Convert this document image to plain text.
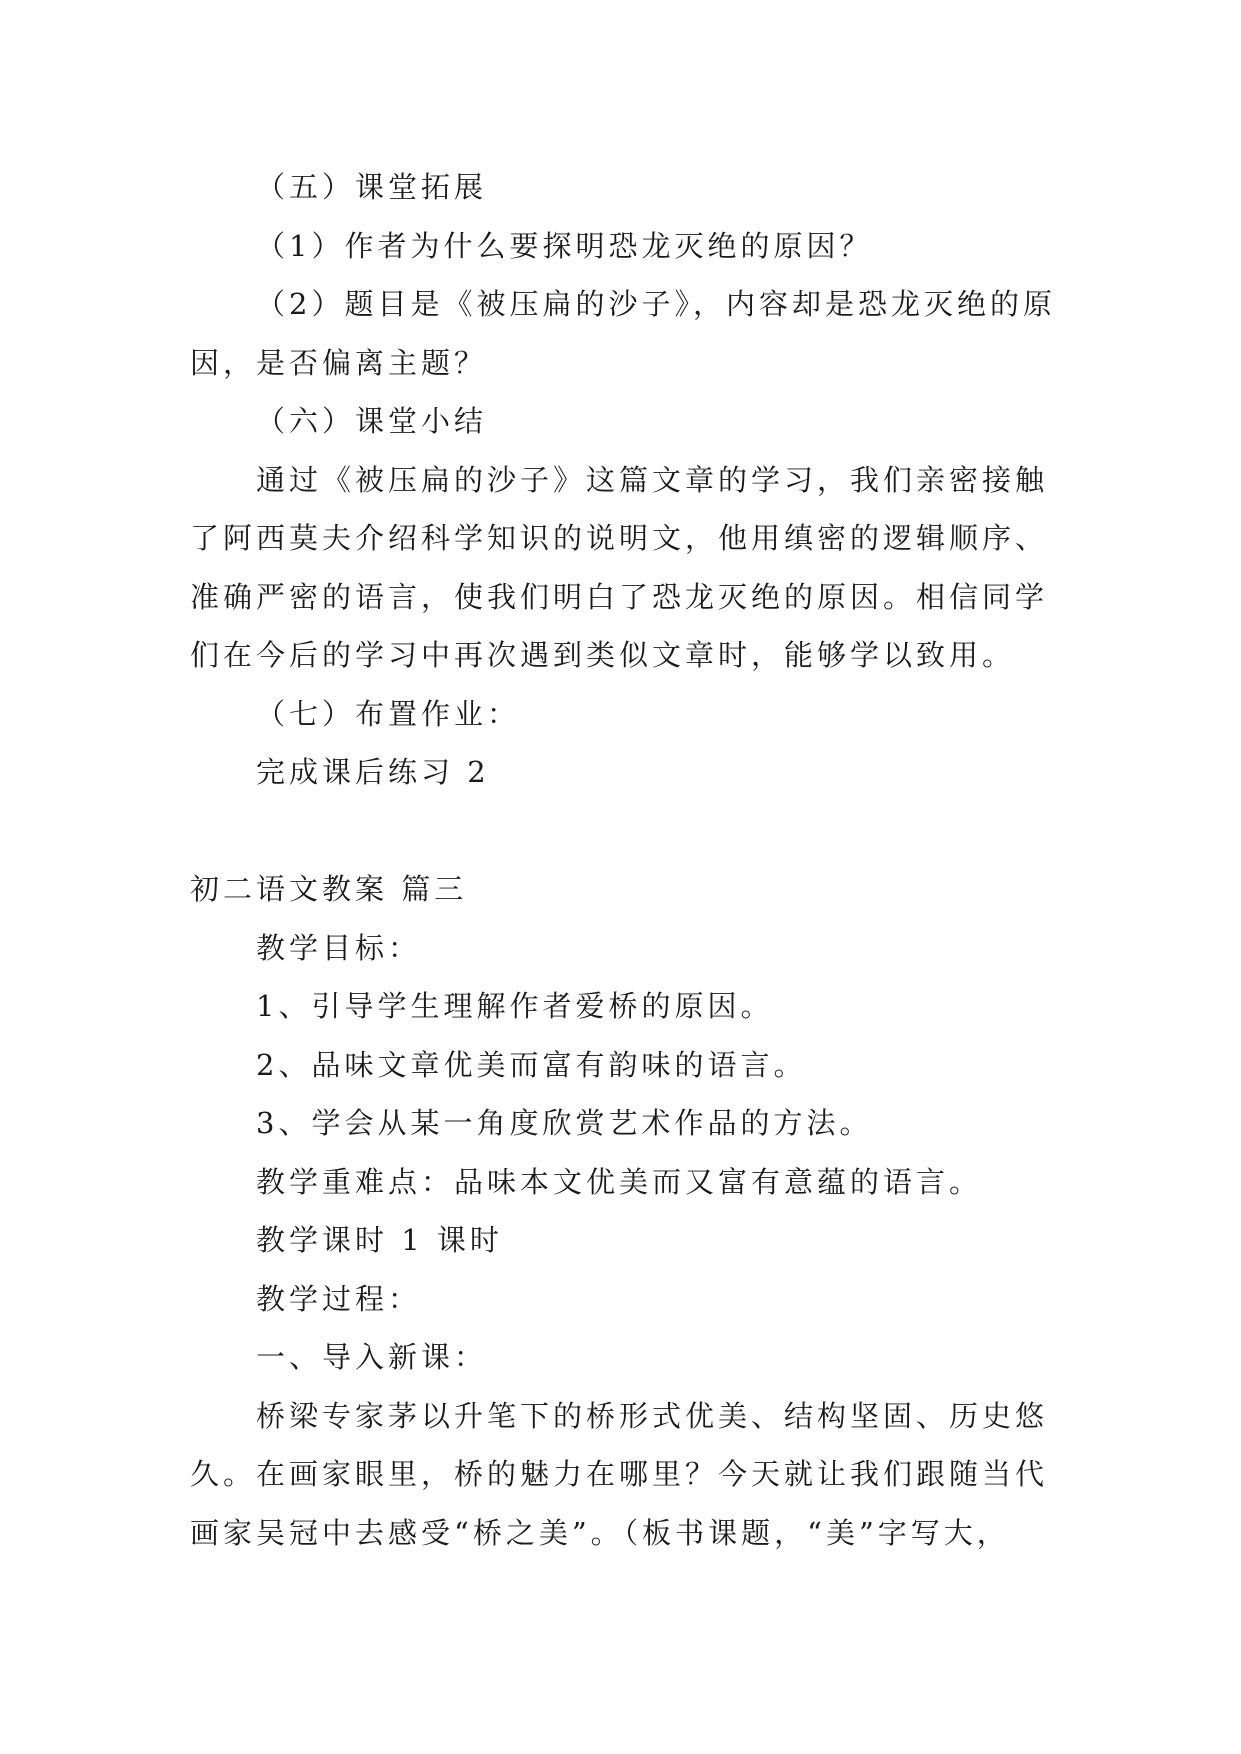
（五）课堂拓展

（1）作者为什么要探明恐龙灭绝的原因？

（2）题目是《被压扁的沙子》，内容却是恐龙灭绝的原因，是否偏离主题？

（六）课堂小结

通过《被压扁的沙子》这篇文章的学习，我们亲密接触了阿西莫夫介绍科学知识的说明文，他用缜密的逻辑顺序、准确严密的语言，使我们明白了恐龙灭绝的原因。相信同学们在今后的学习中再次遇到类似文章时，能够学以致用。

（七）布置作业：

完成课后练习 2

初二语文教案 篇三

教学目标：

1、引导学生理解作者爱桥的原因。

2、品味文章优美而富有韵味的语言。

3、学会从某一角度欣赏艺术作品的方法。

教学重难点：品味本文优美而又富有意蕴的语言。

教学课时 1 课时

教学过程：

一、导入新课：

桥梁专家茅以升笔下的桥形式优美、结构坚固、历史悠久。在画家眼里，桥的魅力在哪里？今天就让我们跟随当代画家吴冠中去感受“桥之美”。（板书课题，“美”字写大，
